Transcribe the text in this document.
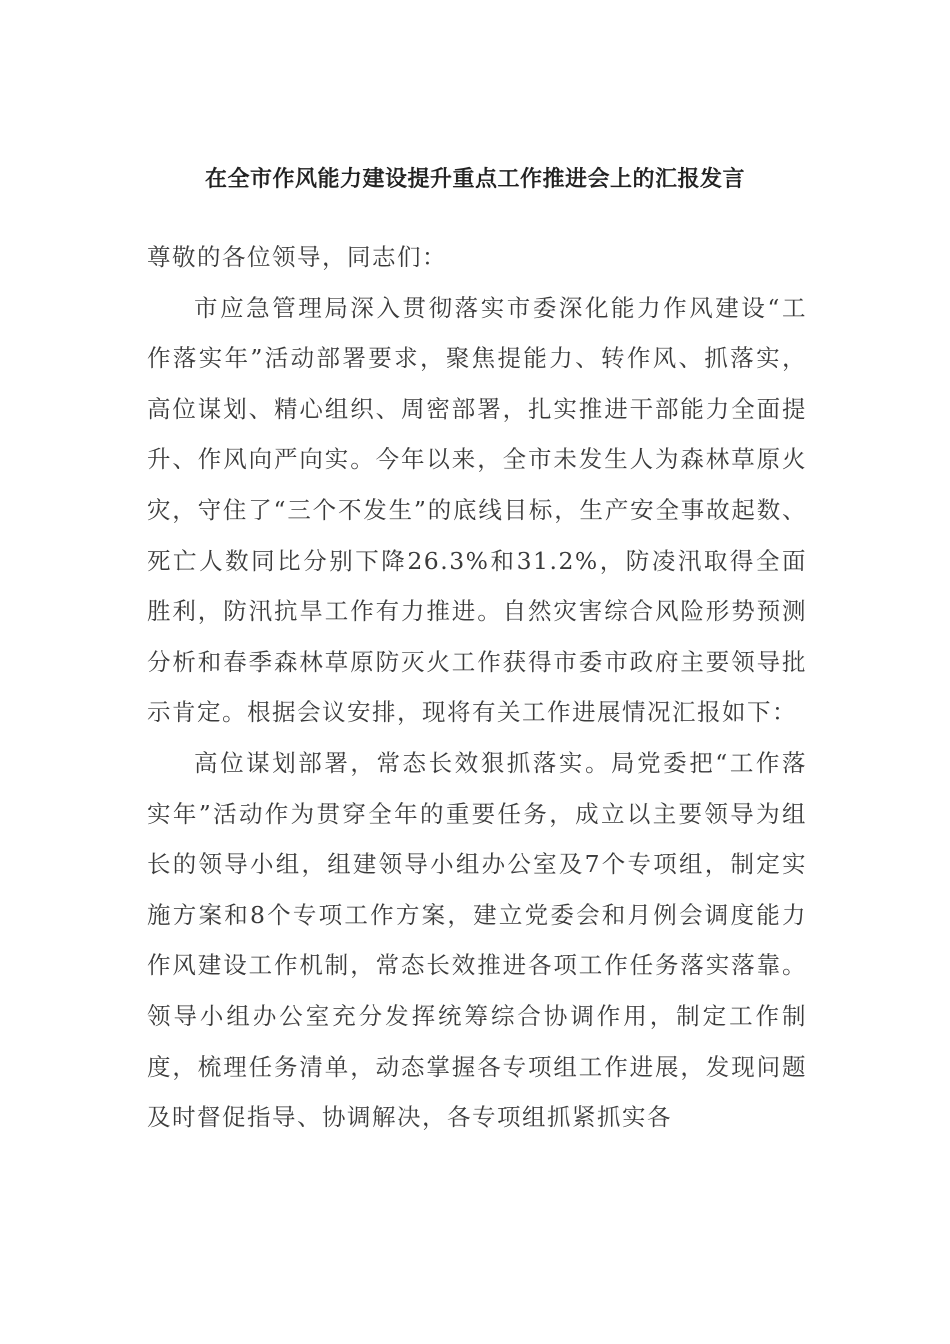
在全市作风能力建设提升重点工作推进会上的汇报发言

尊敬的各位领导，同志们：

市应急管理局深入贯彻落实市委深化能力作风建设“工作落实年”活动部署要求，聚焦提能力、转作风、抓落实，高位谋划、精心组织、周密部署，扎实推进干部能力全面提升、作风向严向实。今年以来，全市未发生人为森林草原火灾，守住了“三个不发生”的底线目标，生产安全事故起数、死亡人数同比分别下降26.3%和31.2%，防凌汛取得全面胜利，防汛抗旱工作有力推进。自然灾害综合风险形势预测分析和春季森林草原防灭火工作获得市委市政府主要领导批示肯定。根据会议安排，现将有关工作进展情况汇报如下：

高位谋划部署，常态长效狠抓落实。局党委把“工作落实年”活动作为贯穿全年的重要任务，成立以主要领导为组长的领导小组，组建领导小组办公室及7个专项组，制定实施方案和8个专项工作方案，建立党委会和月例会调度能力作风建设工作机制，常态长效推进各项工作任务落实落靠。领导小组办公室充分发挥统筹综合协调作用，制定工作制度，梳理任务清单，动态掌握各专项组工作进展，发现问题及时督促指导、协调解决，各专项组抓紧抓实各
